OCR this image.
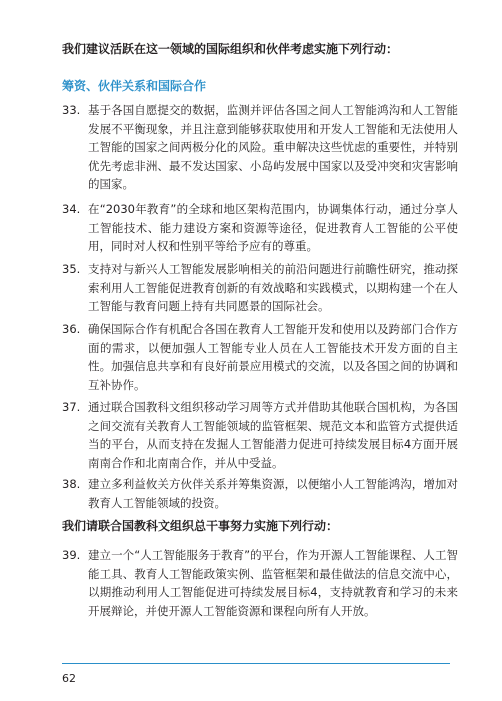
我们建议活跃在这一领域的国际组织和伙伴考虑实施下列行动：

筹资、伙伴关系和国际合作

33. 基于各国自愿提交的数据，监测并评估各国之间人工智能鸿沟和人工智能发展不平衡现象，并且注意到能够获取使用和开发人工智能和无法使用人工智能的国家之间两极分化的风险。重申解决这些忧虑的重要性，并特别优先考虑非洲、最不发达国家、小岛屿发展中国家以及受冲突和灾害影响的国家。
34. 在“2030年教育”的全球和地区架构范围内，协调集体行动，通过分享人工智能技术、能力建设方案和资源等途径，促进教育人工智能的公平使用，同时对人权和性别平等给予应有的尊重。
35. 支持对与新兴人工智能发展影响相关的前沿问题进行前瞻性研究，推动探索利用人工智能促进教育创新的有效战略和实践模式，以期构建一个在人工智能与教育问题上持有共同愿景的国际社会。
36. 确保国际合作有机配合各国在教育人工智能开发和使用以及跨部门合作方面的需求，以便加强人工智能专业人员在人工智能技术开发方面的自主性。加强信息共享和有良好前景应用模式的交流，以及各国之间的协调和互补协作。
37. 通过联合国教科文组织移动学习周等方式并借助其他联合国机构，为各国之间交流有关教育人工智能领域的监管框架、规范文本和监管方式提供适当的平台，从而支持在发掘人工智能潜力促进可持续发展目标4方面开展南南合作和北南南合作，并从中受益。
38. 建立多利益攸关方伙伴关系并筹集资源，以便缩小人工智能鸿沟，增加对教育人工智能领域的投资。

我们请联合国教科文组织总干事努力实施下列行动：

39. 建立一个“人工智能服务于教育”的平台，作为开源人工智能课程、人工智能工具、教育人工智能政策实例、监管框架和最佳做法的信息交流中心，以期推动利用人工智能促进可持续发展目标4，支持就教育和学习的未来开展辩论，并使开源人工智能资源和课程向所有人开放。
62
